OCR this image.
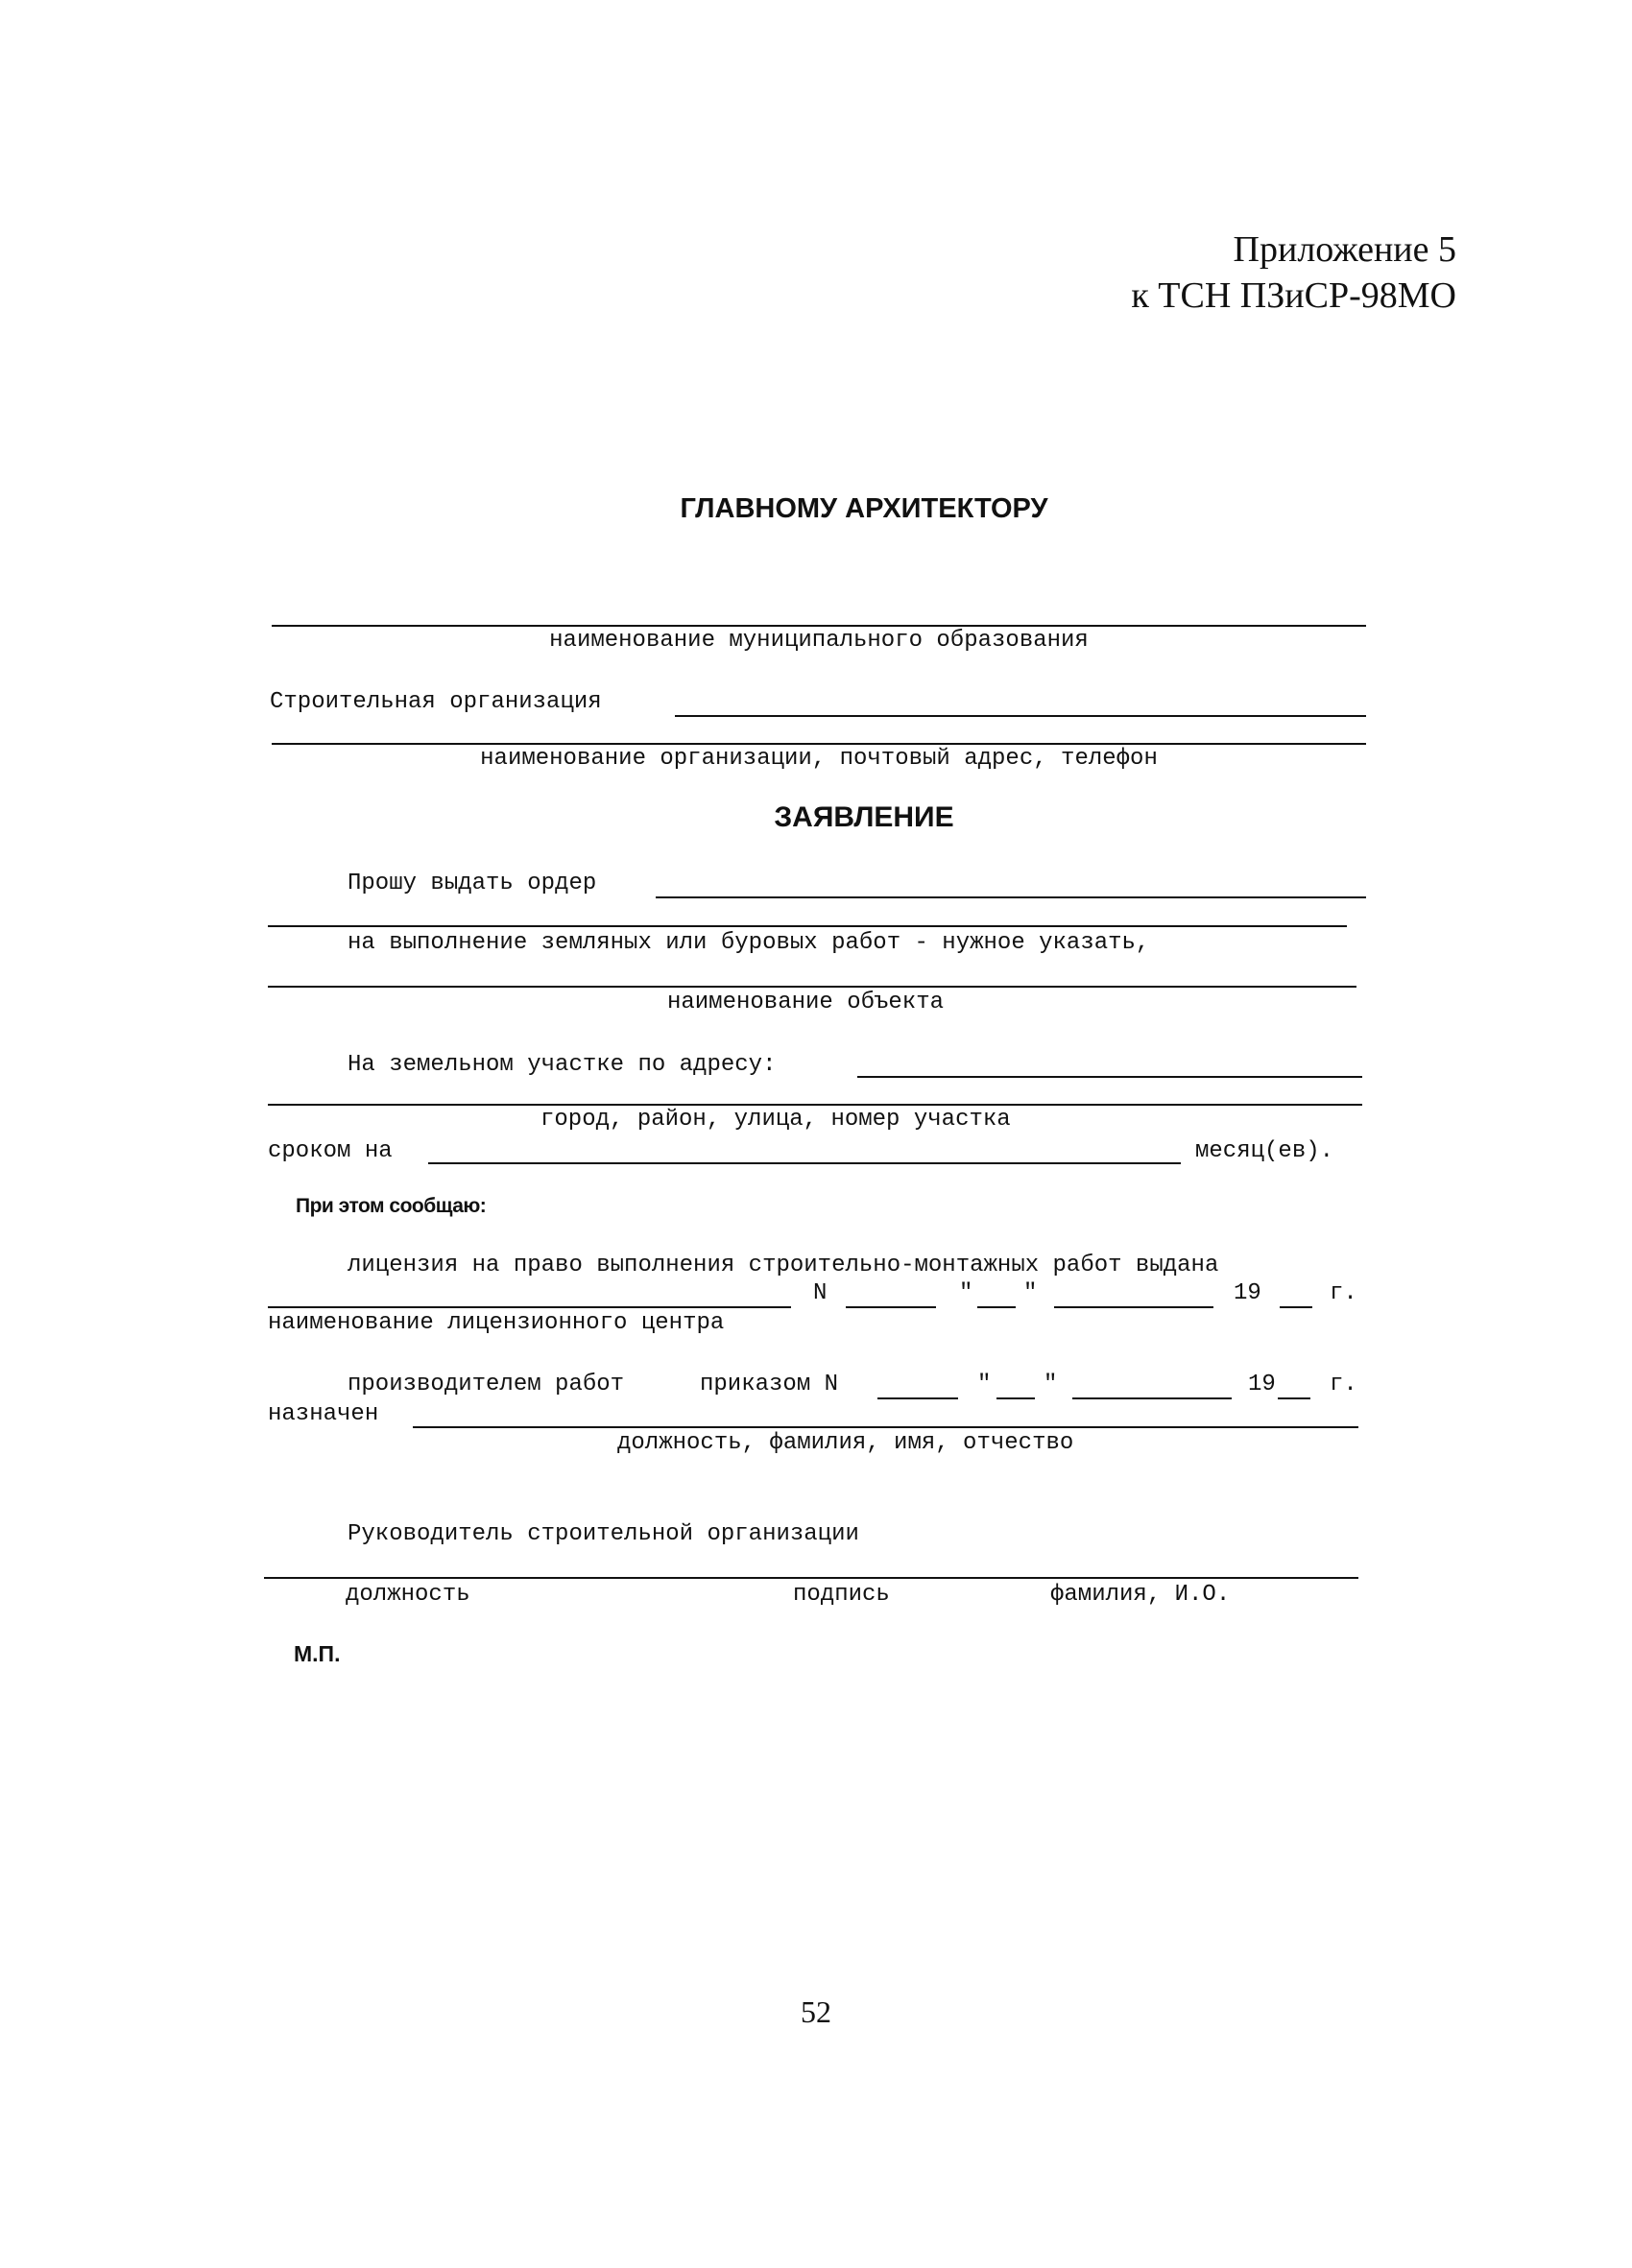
Приложение 5
к ТСН ПЗиСР-98МО
ГЛАВНОМУ АРХИТЕКТОРУ
наименование муниципального образования
Строительная организация
наименование организации, почтовый адрес, телефон
ЗАЯВЛЕНИЕ
Прошу выдать ордер
на выполнение земляных или буровых работ - нужное указать,
наименование объекта
На земельном участке по адресу:
город, район, улица, номер участка
сроком на	месяц(ев).
При этом сообщаю:
лицензия на право выполнения строительно-монтажных работ выдана
N	" "	19	г.
наименование лицензионного центра
производителем работ	приказом N	" "	19 г.
назначен
должность, фамилия, имя, отчество
Руководитель строительной организации
должность	подпись	фамилия, И.О.
М.П.
52
